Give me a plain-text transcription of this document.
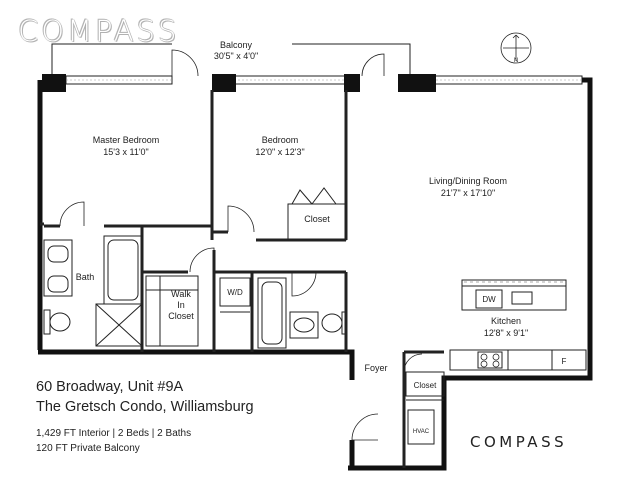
COMPASS
N
Balcony
30'5" x 4'0"
Master Bedroom
15'3 x 11'0"
Bedroom
12'0" x 12'3"
Living/Dining Room
21'7" x 17'10"
Closet
Bath
Walk
In
Closet
W/D
DW
Kitchen
12'8" x 9'1"
F
Foyer
Closet
HVAC
60 Broadway, Unit #9A
The Gretsch Condo, Williamsburg
1,429 FT Interior | 2 Beds | 2 Baths
120 FT Private Balcony	COMPASS
